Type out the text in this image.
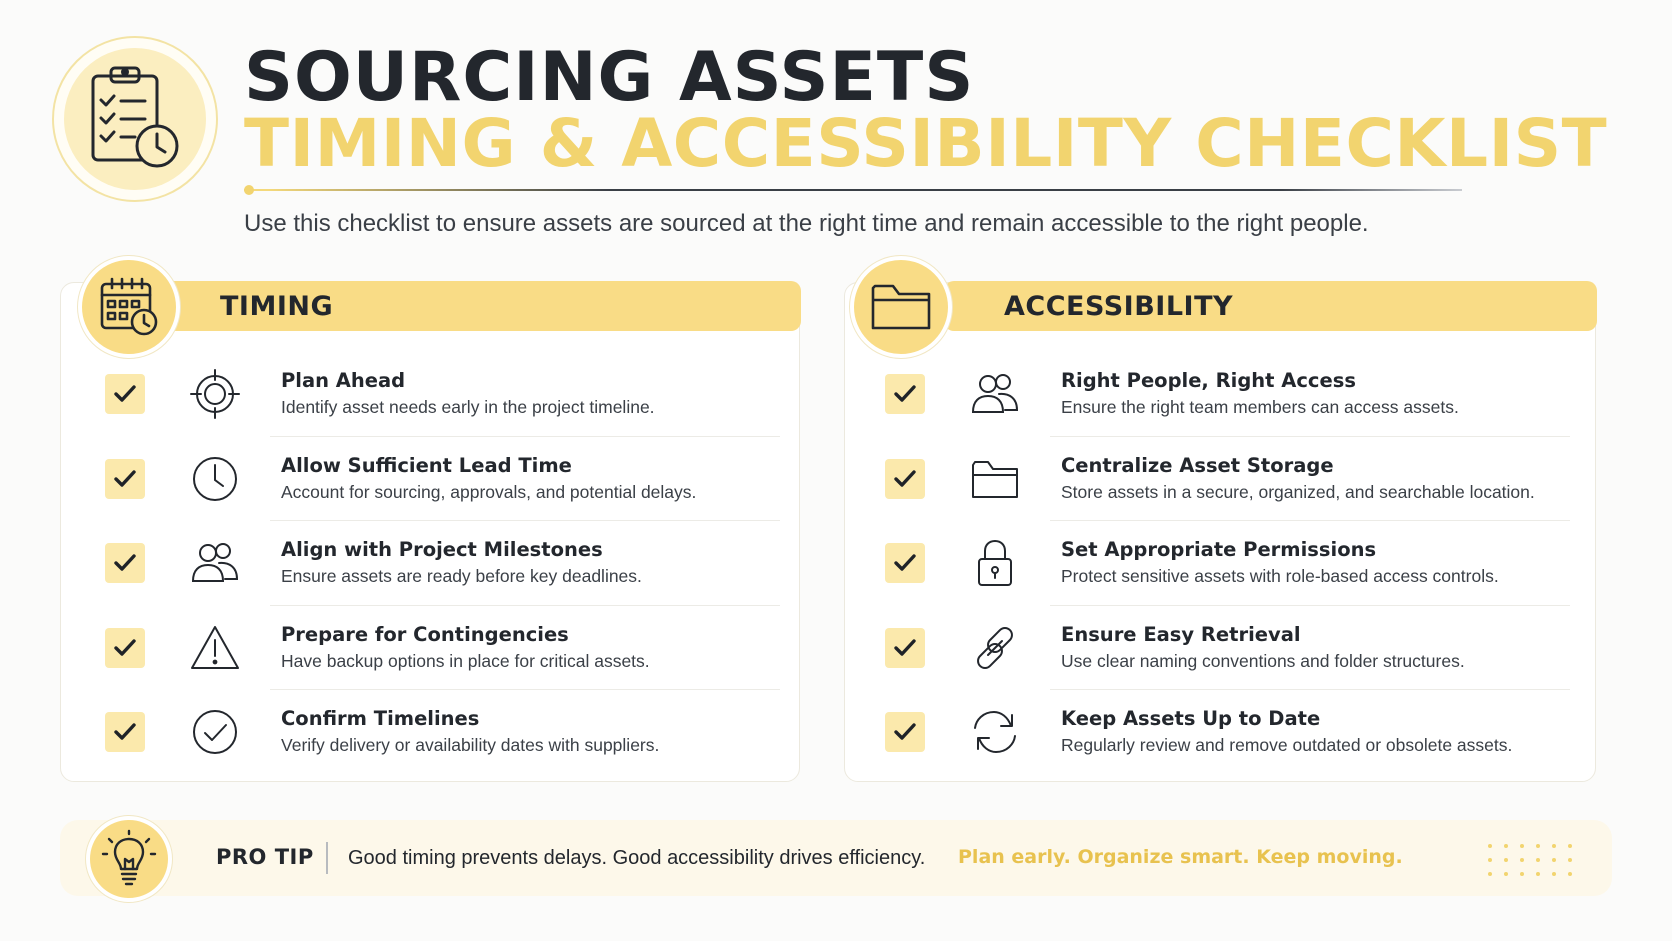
SOURCING ASSETS
TIMING & ACCESSIBILITY CHECKLIST
Use this checklist to ensure assets are sourced at the right time and remain accessible to the right people.
TIMING
Plan Ahead
Identify asset needs early in the project timeline.
Allow Sufficient Lead Time
Account for sourcing, approvals, and potential delays.
Align with Project Milestones
Ensure assets are ready before key deadlines.
Prepare for Contingencies
Have backup options in place for critical assets.
Confirm Timelines
Verify delivery or availability dates with suppliers.
ACCESSIBILITY
Right People, Right Access
Ensure the right team members can access assets.
Centralize Asset Storage
Store assets in a secure, organized, and searchable location.
Set Appropriate Permissions
Protect sensitive assets with role-based access controls.
Ensure Easy Retrieval
Use clear naming conventions and folder structures.
Keep Assets Up to Date
Regularly review and remove outdated or obsolete assets.
PRO TIP Good timing prevents delays. Good accessibility drives efficiency. Plan early. Organize smart. Keep moving.
